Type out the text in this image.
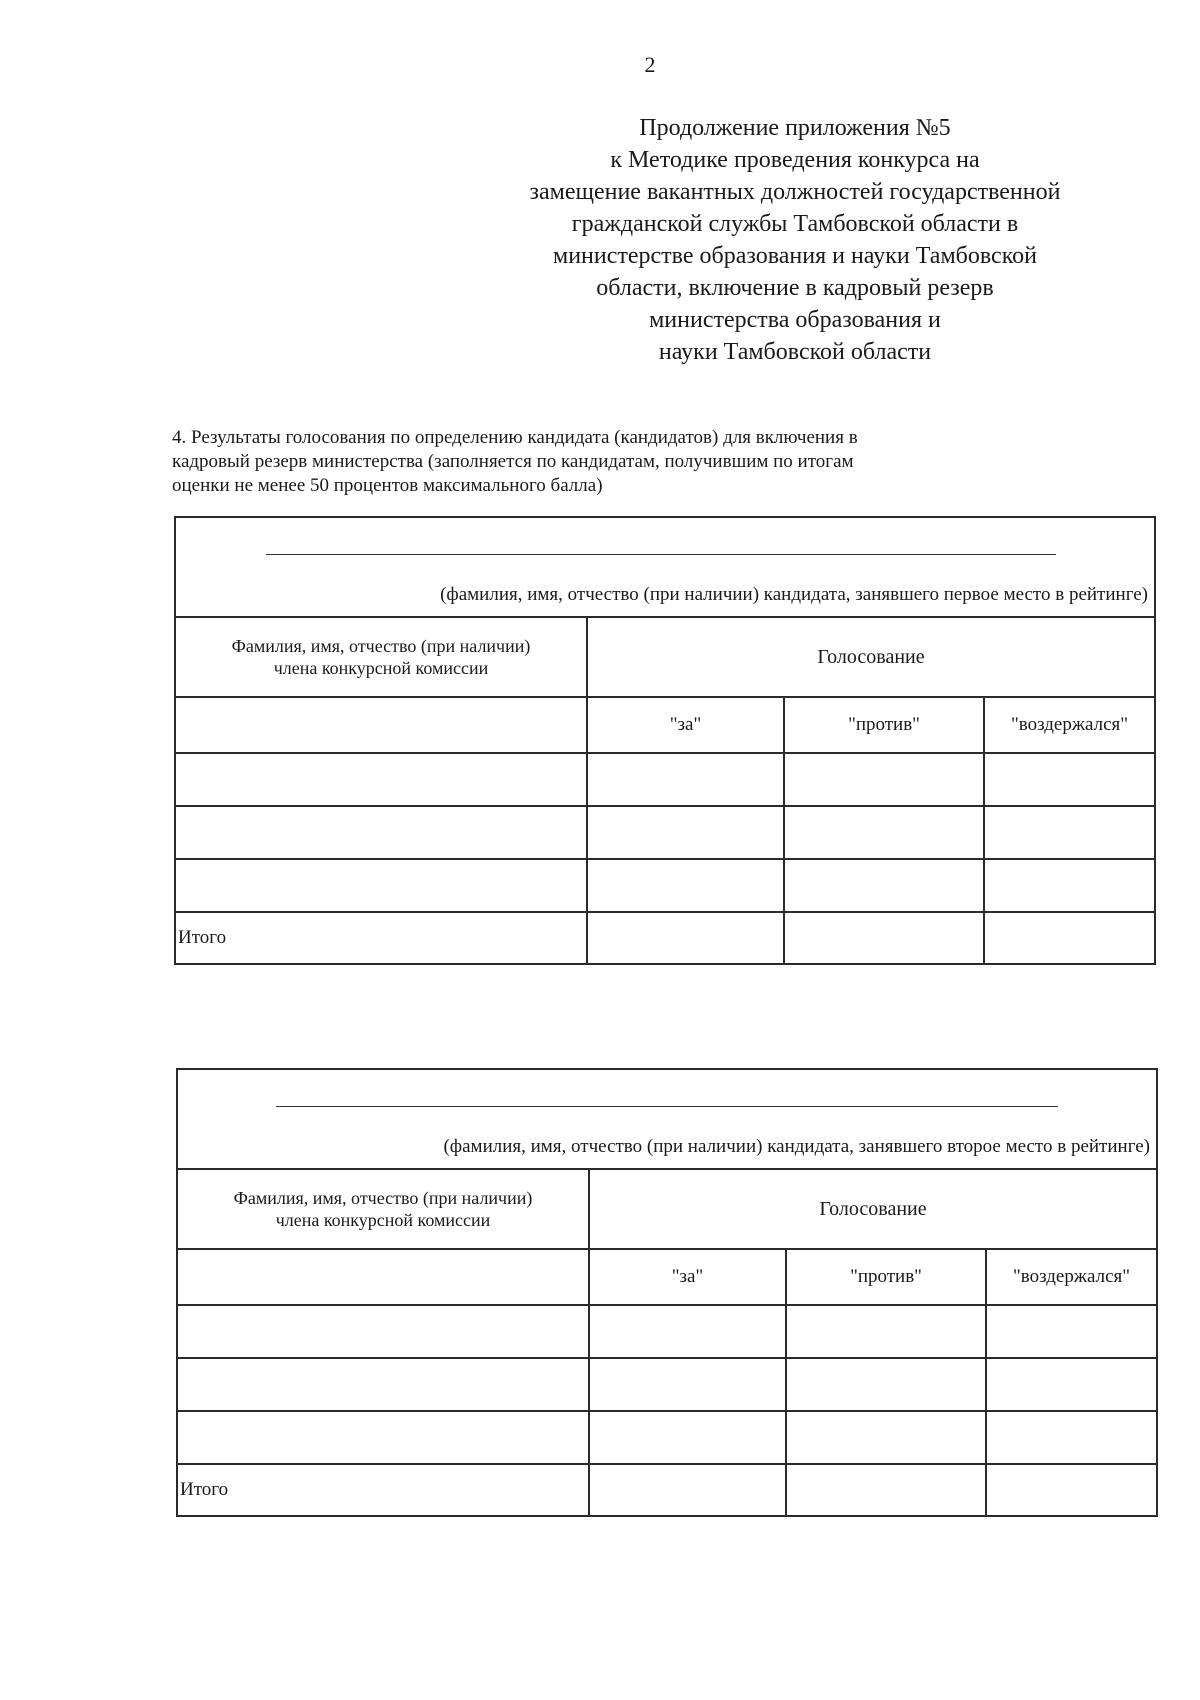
2
Продолжение приложения №5
к Методике проведения конкурса на
замещение вакантных должностей государственной
гражданской службы Тамбовской области в
министерстве образования и науки Тамбовской
области, включение в кадровый резерв
министерства образования и
науки Тамбовской области
4. Результаты голосования по определению кандидата (кандидатов) для включения в
кадровый резерв министерства (заполняется по кандидатам, получившим по итогам
оценки не менее 50 процентов максимального балла)
(фамилия, имя, отчество (при наличии) кандидата, занявшего первое место в рейтинге)			

Фамилия, имя, отчество (при наличии)
члена конкурсной комиссии	Голосование		
	"за"	"против"	"воздержался"

Итого			
(фамилия, имя, отчество (при наличии) кандидата, занявшего второе место в рейтинге)			

Фамилия, имя, отчество (при наличии)
члена конкурсной комиссии	Голосование		
	"за"	"против"	"воздержался"

Итого			
